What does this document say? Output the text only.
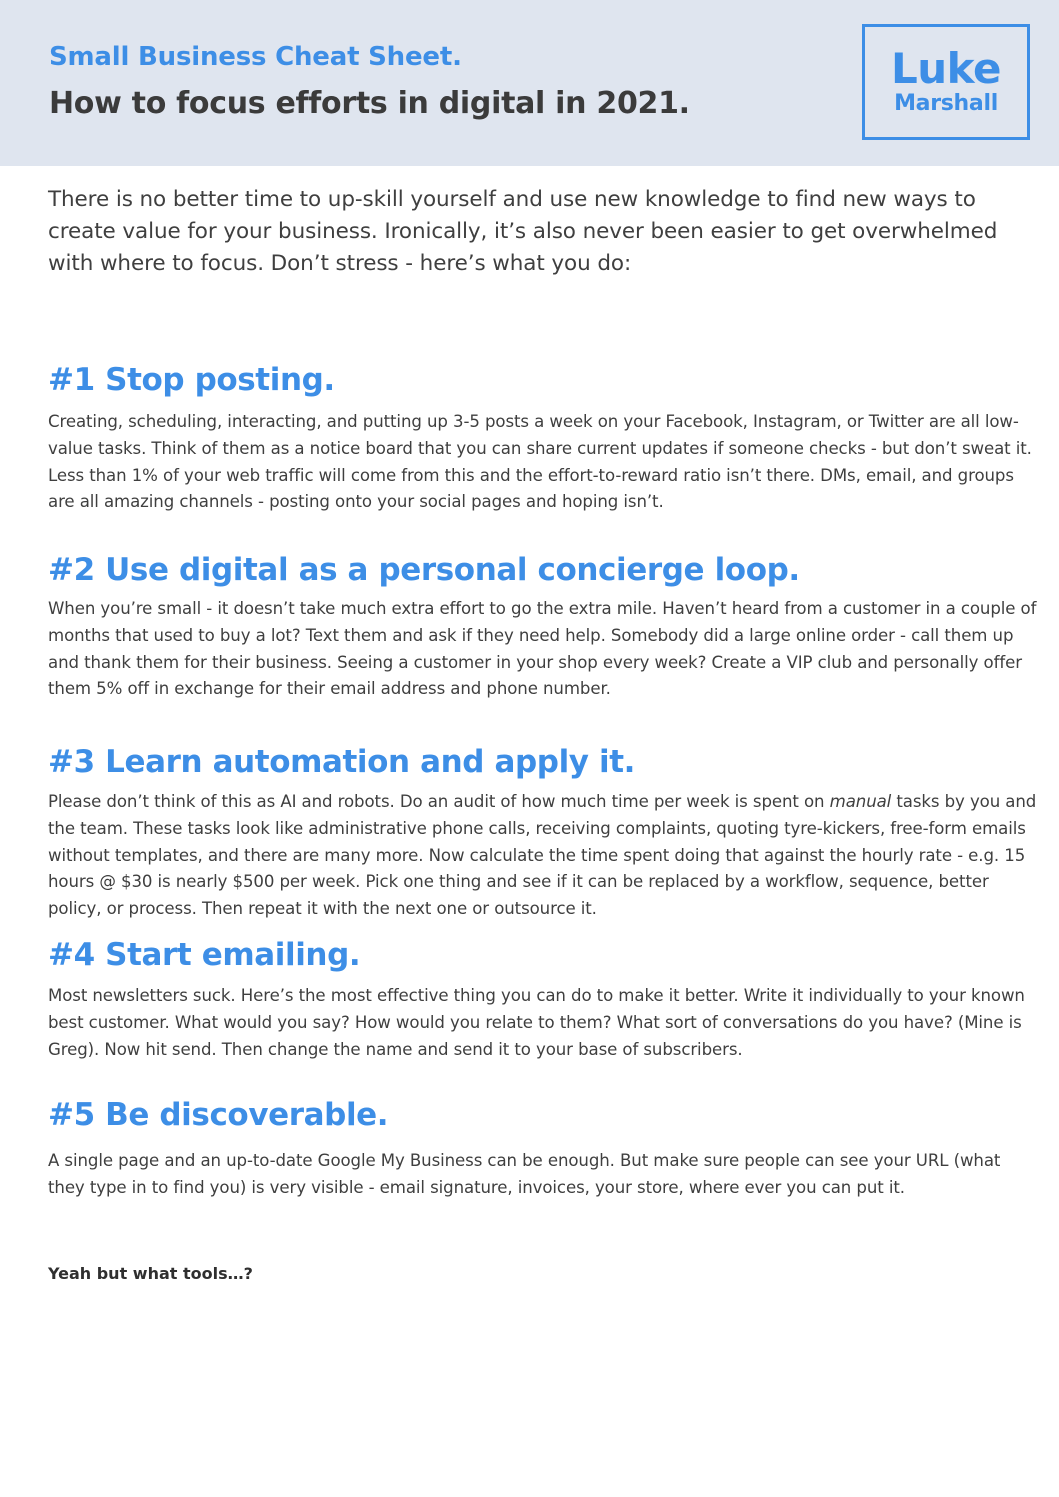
Small Business Cheat Sheet.
How to focus efforts in digital in 2021.
Luke
Marshall

There is no better time to up-skill yourself and use new knowledge to find new ways to create value for your business. Ironically, it’s also never been easier to get overwhelmed with where to focus. Don’t stress - here’s what you do:

#1 Stop posting.

Creating, scheduling, interacting, and putting up 3-5 posts a week on your Facebook, Instagram, or Twitter are all low-value tasks. Think of them as a notice board that you can share current updates if someone checks - but don’t sweat it. Less than 1% of your web traffic will come from this and the effort-to-reward ratio isn’t there. DMs, email, and groups are all amazing channels - posting onto your social pages and hoping isn’t.

#2 Use digital as a personal concierge loop.

When you’re small - it doesn’t take much extra effort to go the extra mile. Haven’t heard from a customer in a couple of months that used to buy a lot? Text them and ask if they need help. Somebody did a large online order - call them up and thank them for their business. Seeing a customer in your shop every week? Create a VIP club and personally offer them 5% off in exchange for their email address and phone number.

#3 Learn automation and apply it.

Please don’t think of this as AI and robots. Do an audit of how much time per week is spent on manual tasks by you and the team. These tasks look like administrative phone calls, receiving complaints, quoting tyre-kickers, free-form emails without templates, and there are many more. Now calculate the time spent doing that against the hourly rate - e.g. 15 hours @ $30 is nearly $500 per week. Pick one thing and see if it can be replaced by a workflow, sequence, better policy, or process. Then repeat it with the next one or outsource it.

#4 Start emailing.

Most newsletters suck. Here’s the most effective thing you can do to make it better. Write it individually to your known best customer. What would you say? How would you relate to them? What sort of conversations do you have? (Mine is Greg). Now hit send. Then change the name and send it to your base of subscribers.

#5 Be discoverable.

A single page and an up-to-date Google My Business can be enough. But make sure people can see your URL (what they type in to find you) is very visible - email signature, invoices, your store, where ever you can put it.

Yeah but what tools…?
